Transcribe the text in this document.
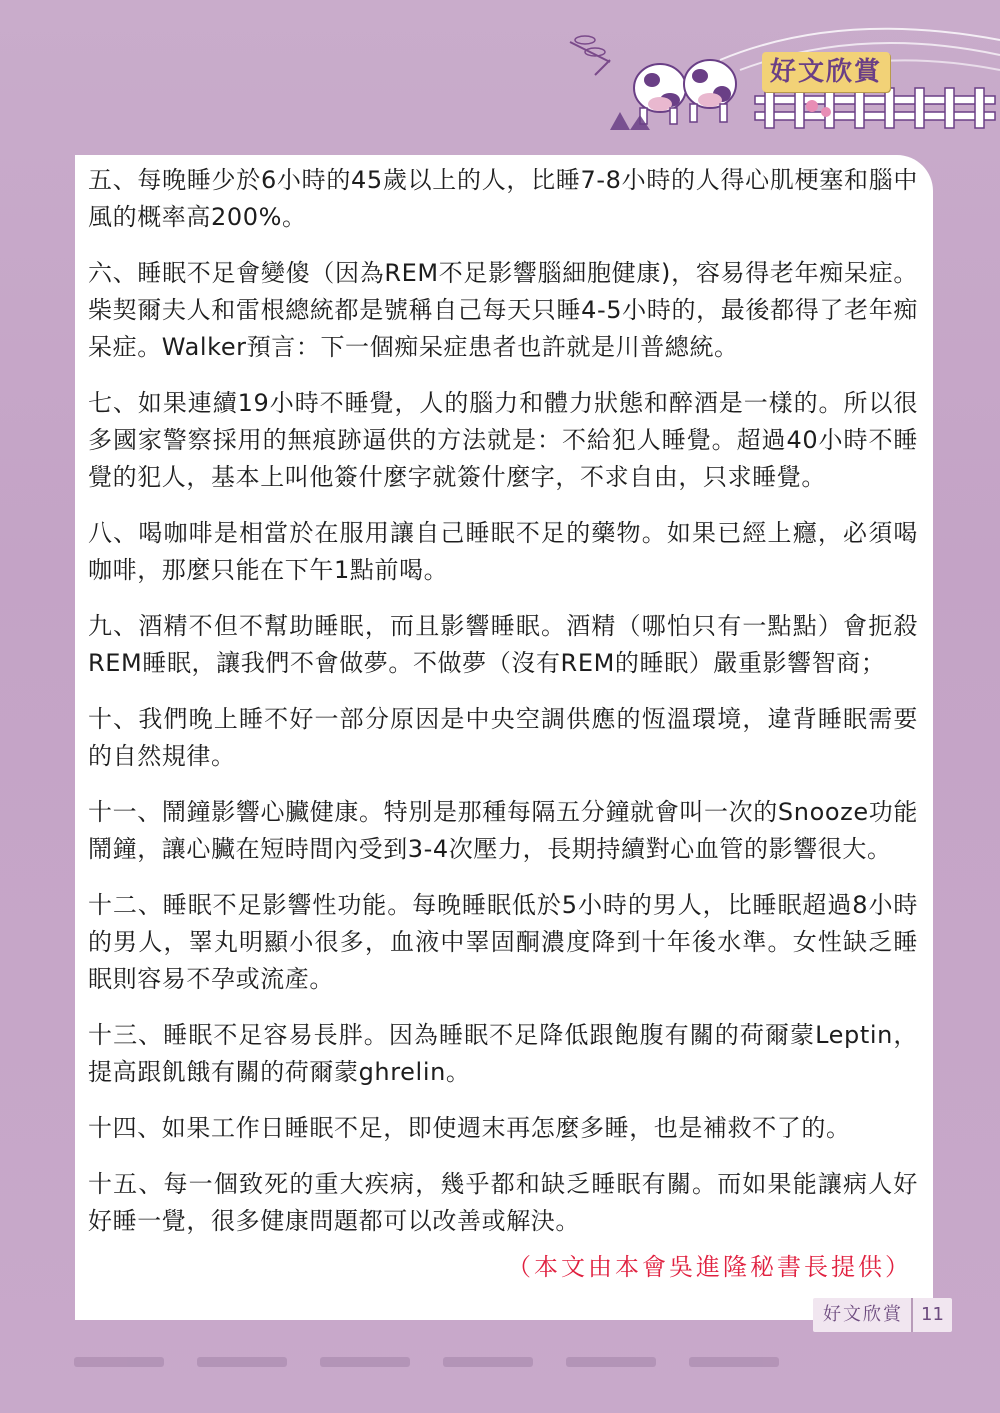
好文欣賞

五、每晚睡少於6小時的45歲以上的人，比睡7-8小時的人得心肌梗塞和腦中風的概率高200%。

六、睡眠不足會變傻（因為REM不足影響腦細胞健康)，容易得老年痴呆症。柴契爾夫人和雷根總統都是號稱自己每天只睡4-5小時的，最後都得了老年痴呆症。Walker預言：下一個痴呆症患者也許就是川普總統。

七、如果連續19小時不睡覺，人的腦力和體力狀態和醉酒是一樣的。所以很多國家警察採用的無痕跡逼供的方法就是：不給犯人睡覺。超過40小時不睡覺的犯人，基本上叫他簽什麼字就簽什麼字，不求自由，只求睡覺。

八、喝咖啡是相當於在服用讓自己睡眠不足的藥物。如果已經上癮，必須喝咖啡，那麼只能在下午1點前喝。

九、酒精不但不幫助睡眠，而且影響睡眠。酒精（哪怕只有一點點）會扼殺REM睡眠，讓我們不會做夢。不做夢（沒有REM的睡眠）嚴重影響智商；

十、我們晚上睡不好一部分原因是中央空調供應的恆溫環境，違背睡眠需要的自然規律。

十一、鬧鐘影響心臟健康。特別是那種每隔五分鐘就會叫一次的Snooze功能鬧鐘，讓心臟在短時間內受到3-4次壓力，長期持續對心血管的影響很大。

十二、睡眠不足影響性功能。每晚睡眠低於5小時的男人，比睡眠超過8小時的男人，睪丸明顯小很多，血液中睪固酮濃度降到十年後水準。女性缺乏睡眠則容易不孕或流產。

十三、睡眠不足容易長胖。因為睡眠不足降低跟飽腹有關的荷爾蒙Leptin，提高跟飢餓有關的荷爾蒙ghrelin。

十四、如果工作日睡眠不足，即使週末再怎麼多睡，也是補救不了的。

十五、每一個致死的重大疾病，幾乎都和缺乏睡眠有關。而如果能讓病人好好睡一覺，很多健康問題都可以改善或解決。

（本文由本會吳進隆秘書長提供）
好文欣賞	11
